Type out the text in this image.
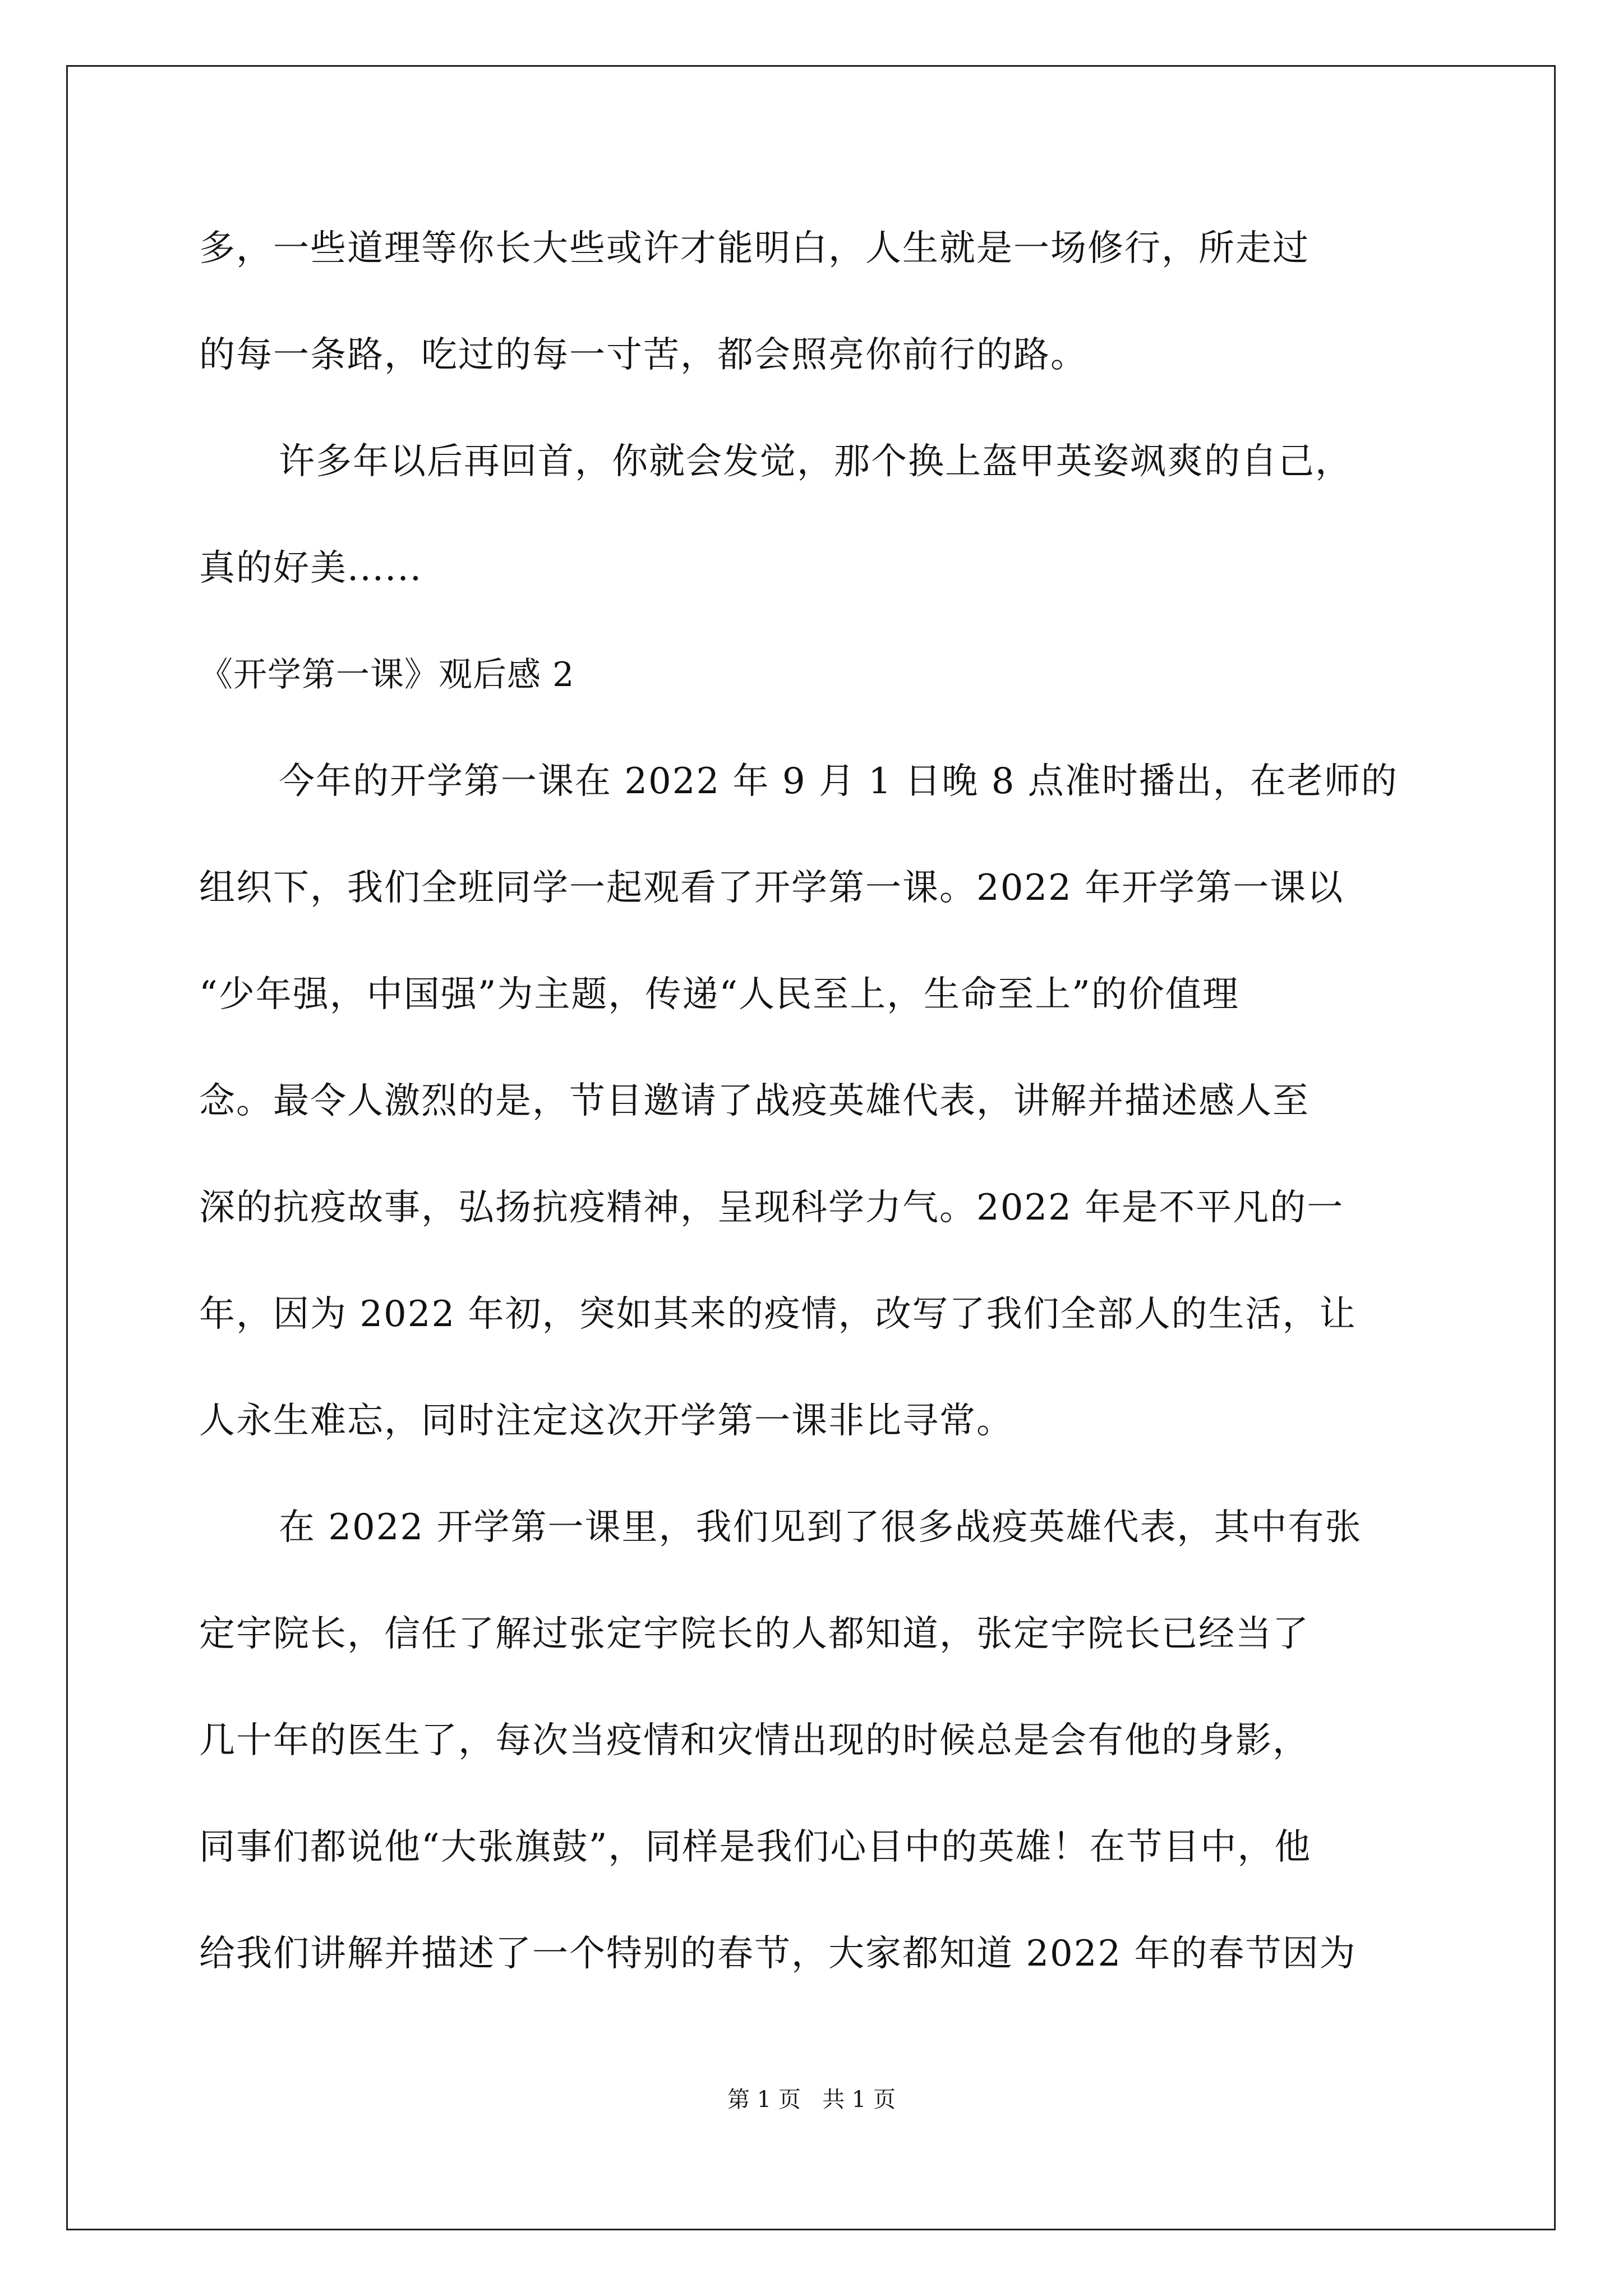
多，一些道理等你长大些或许才能明白，人生就是一场修行，所走过
的每一条路，吃过的每一寸苦，都会照亮你前行的路。
许多年以后再回首，你就会发觉，那个换上盔甲英姿飒爽的自己，
真的好美......
《开学第一课》观后感 2
今年的开学第一课在 2022 年 9 月 1 日晚 8 点准时播出，在老师的
组织下，我们全班同学一起观看了开学第一课。2022 年开学第一课以
“少年强，中国强”为主题，传递“人民至上，生命至上”的价值理
念。最令人激烈的是，节目邀请了战疫英雄代表，讲解并描述感人至
深的抗疫故事，弘扬抗疫精神，呈现科学力气。2022 年是不平凡的一
年，因为 2022 年初，突如其来的疫情，改写了我们全部人的生活，让
人永生难忘，同时注定这次开学第一课非比寻常。
在 2022 开学第一课里，我们见到了很多战疫英雄代表，其中有张
定宇院长，信任了解过张定宇院长的人都知道，张定宇院长已经当了
几十年的医生了，每次当疫情和灾情出现的时候总是会有他的身影，
同事们都说他“大张旗鼓”，同样是我们心目中的英雄！在节目中，他
给我们讲解并描述了一个特别的春节，大家都知道 2022 年的春节因为
第 1 页   共 1 页
